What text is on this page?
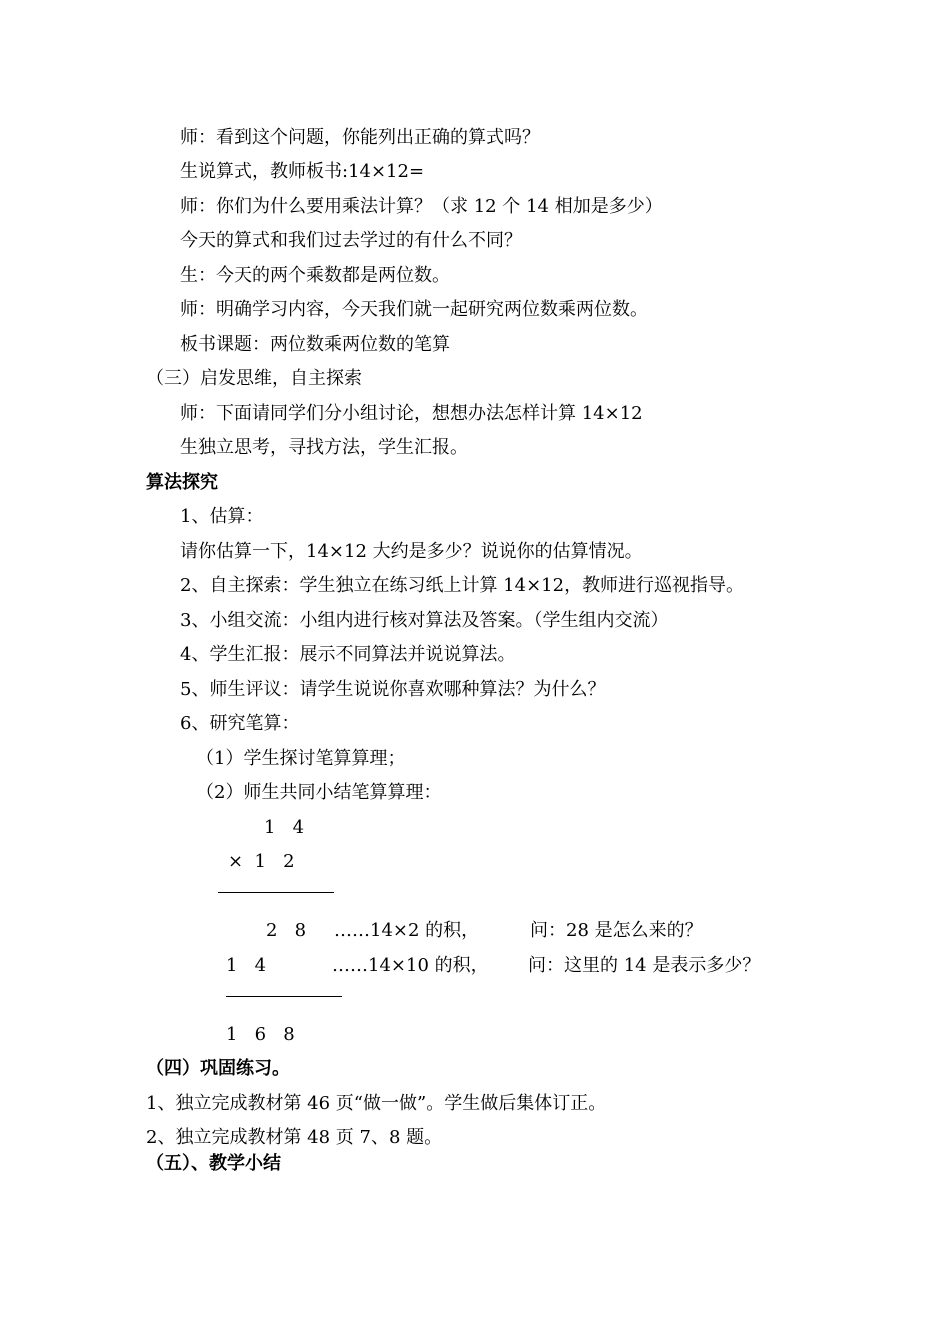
师：看到这个问题，你能列出正确的算式吗？
生说算式，教师板书:14×12=
师：你们为什么要用乘法计算？（求 12 个 14 相加是多少）
今天的算式和我们过去学过的有什么不同？
生：今天的两个乘数都是两位数。
师：明确学习内容，今天我们就一起研究两位数乘两位数。
板书课题：两位数乘两位数的笔算
（三）启发思维，自主探索
师：下面请同学们分小组讨论，想想办法怎样计算 14×12
生独立思考，寻找方法，学生汇报。
算法探究
1、估算：
请你估算一下，14×12 大约是多少？说说你的估算情况。
2、自主探索：学生独立在练习纸上计算 14×12，教师进行巡视指导。
3、小组交流：小组内进行核对算法及答案。（学生组内交流）
4、学生汇报：展示不同算法并说说算法。
5、师生评议：请学生说说你喜欢哪种算法？为什么？
6、研究笔算：
（1）学生探讨笔算算理；
（2）师生共同小结笔算算理：
1   4
×  1   2
2   8 ……14×2 的积，	问：28 是怎么来的？
1   4	……14×10 的积， 问：这里的 14 是表示多少？
1   6   8
（四）巩固练习。
1、独立完成教材第 46 页“做一做”。学生做后集体订正。
2、独立完成教材第 48 页 7、8 题。
（五）、教学小结
